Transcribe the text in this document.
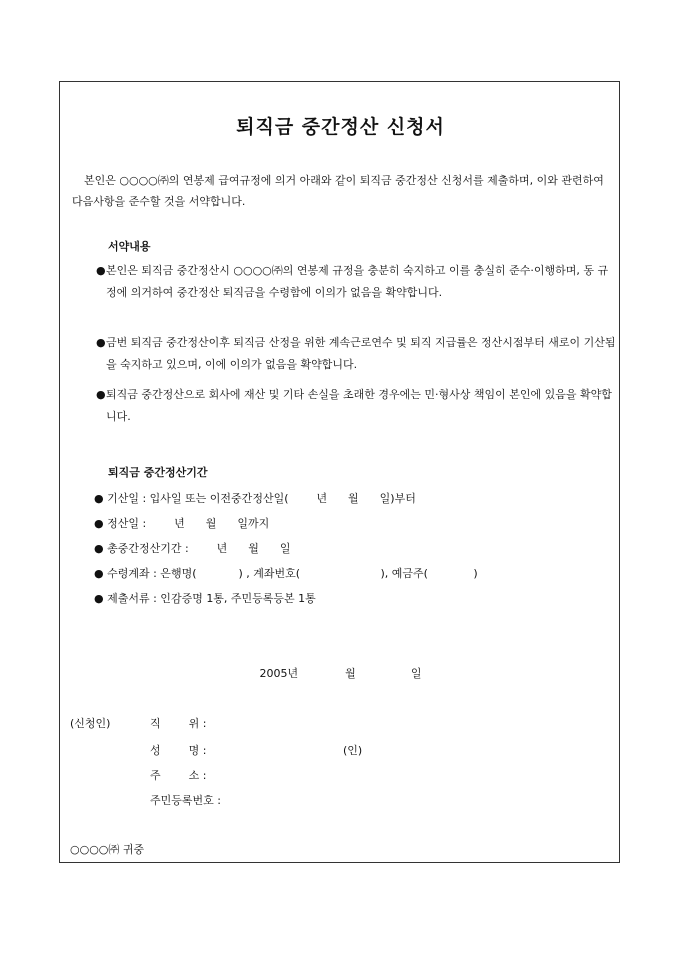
퇴직금 중간정산 신청서
본인은 ○○○○㈜의 연봉제 급여규정에 의거 아래와 같이 퇴직금 중간정산 신청서를 제출하며, 이와 관련하여 다음사항을 준수할 것을 서약합니다.
서약내용
● 본인은 퇴직금 중간정산시 ○○○○㈜의 연봉제 규정을 충분히 숙지하고 이를 충실히 준수·이행하며, 동 규정에 의거하여 중간정산 퇴직금을 수령함에 이의가 없음을 확약합니다.
● 금번 퇴직금 중간정산이후 퇴직금 산정을 위한 계속근로연수 및 퇴직 지급률은 정산시점부터 새로이 기산됨을 숙지하고 있으며, 이에 이의가 없음을 확약합니다.
● 퇴직금 중간정산으로 회사에 재산 및 기타 손실을 초래한 경우에는 민·형사상 책임이 본인에 있음을 확약합니다.
퇴직금 중간정산기간
● 기산일 : 입사일 또는 이전중간정산일(        년      월      일)부터
● 정산일 :        년      월      일까지
● 총중간정산기간 :        년      월      일
● 수령계좌 : 은행명(            ) , 계좌번호(                       ), 예금주(             )
● 제출서류 : 인감증명 1통, 주민등록등본 1통
2005년	월	일
(신청인)	직        위 :
성        명 :	(인)
주        소 :
주민등록번호 :
○○○○㈜ 귀중
